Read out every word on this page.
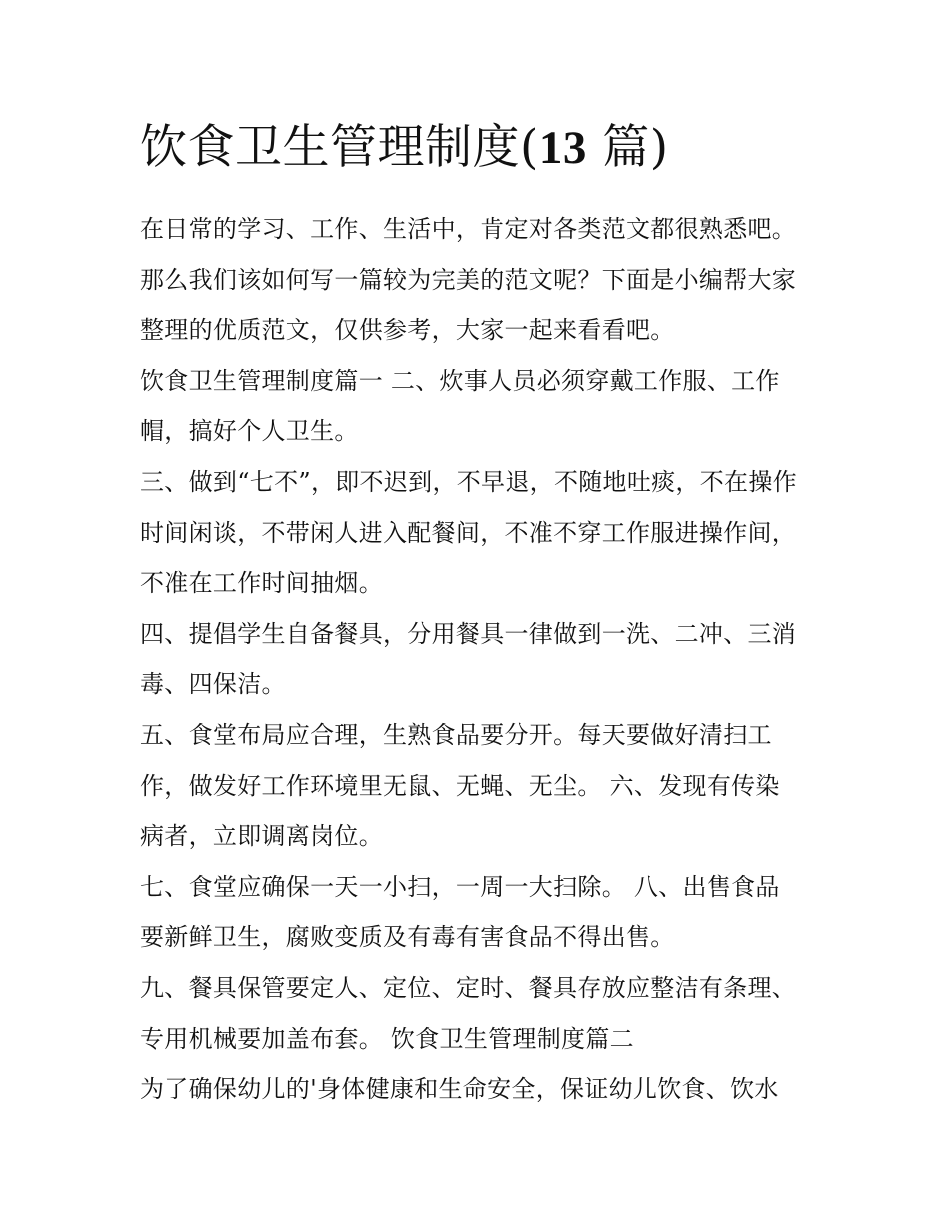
饮食卫生管理制度(13 篇)
在日常的学习、工作、生活中，肯定对各类范文都很熟悉吧。
那么我们该如何写一篇较为完美的范文呢？下面是小编帮大家
整理的优质范文，仅供参考，大家一起来看看吧。
饮食卫生管理制度篇一 二、炊事人员必须穿戴工作服、工作
帽，搞好个人卫生。
三、做到“七不”，即不迟到，不早退，不随地吐痰，不在操作
时间闲谈，不带闲人进入配餐间，不准不穿工作服进操作间，
不准在工作时间抽烟。
四、提倡学生自备餐具，分用餐具一律做到一洗、二冲、三消
毒、四保洁。
五、食堂布局应合理，生熟食品要分开。每天要做好清扫工
作，做发好工作环境里无鼠、无蝇、无尘。 六、发现有传染
病者，立即调离岗位。
七、食堂应确保一天一小扫，一周一大扫除。 八、出售食品
要新鲜卫生，腐败变质及有毒有害食品不得出售。
九、餐具保管要定人、定位、定时、餐具存放应整洁有条理、
专用机械要加盖布套。 饮食卫生管理制度篇二
为了确保幼儿的'身体健康和生命安全，保证幼儿饮食、饮水
